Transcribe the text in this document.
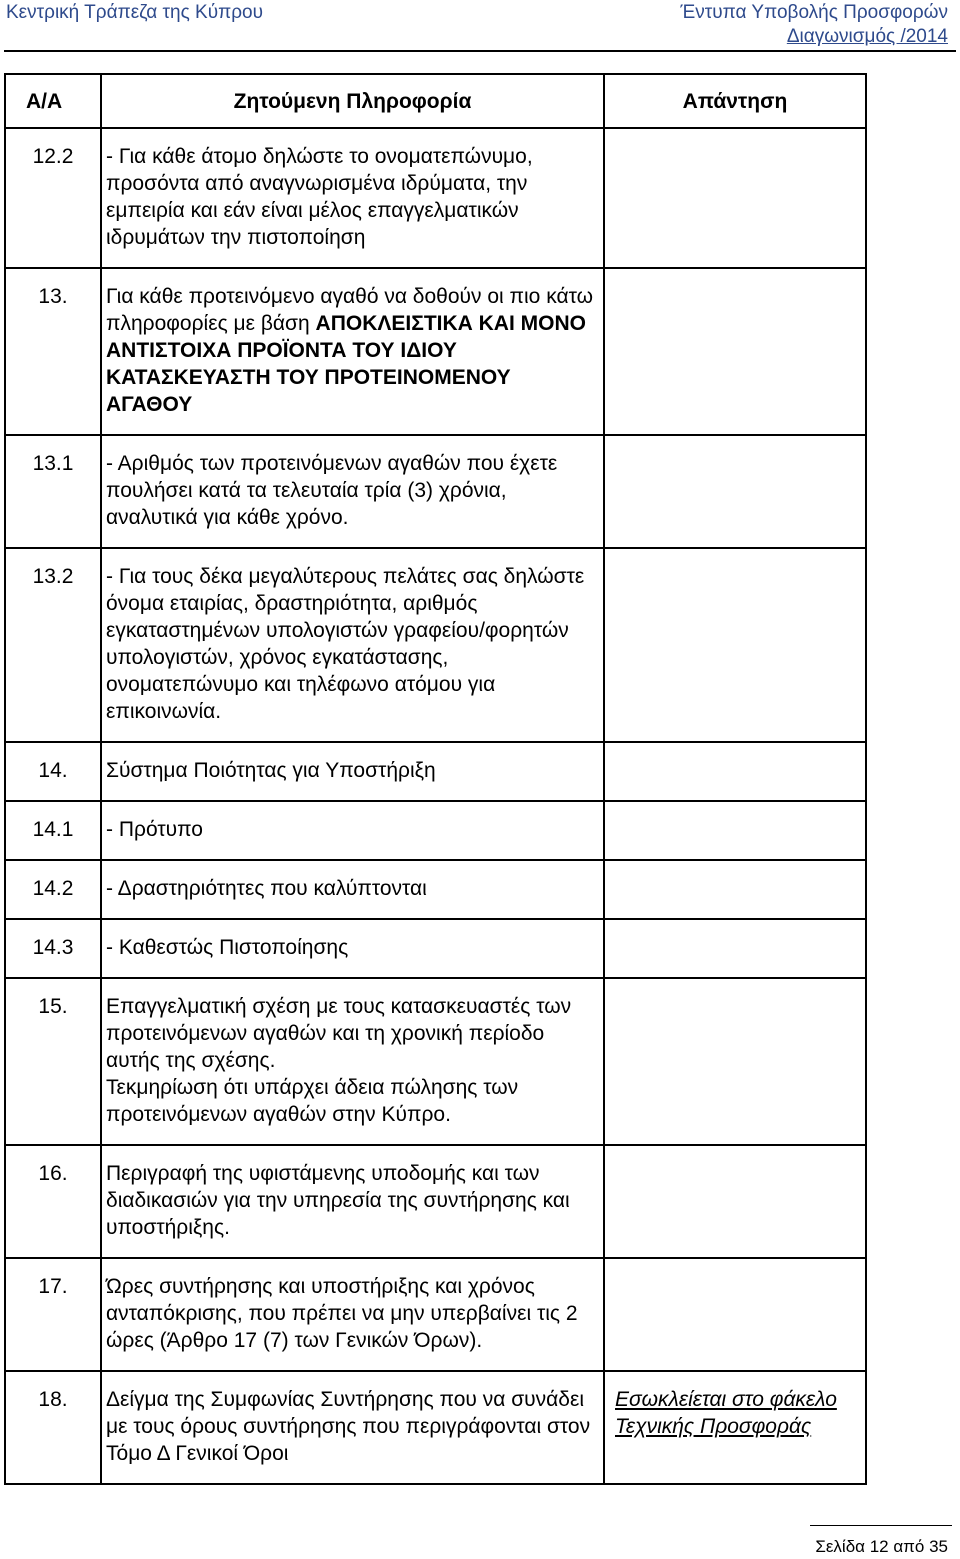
Κεντρική Τράπεζα της Κύπρου	Έντυπα Υποβολής Προσφορών
Διαγωνισμός /2014
Α/Α	Ζητούμενη Πληροφορία	Απάντηση
12.2	- Για κάθε άτομο δηλώστε το ονοματεπώνυμο, προσόντα από αναγνωρισμένα ιδρύματα, την εμπειρία και εάν είναι μέλος επαγγελματικών ιδρυμάτων την πιστοποίηση	
13.	Για κάθε προτεινόμενο αγαθό να δοθούν οι πιο κάτω πληροφορίες με βάση ΑΠΟΚΛΕΙΣΤΙΚΑ ΚΑΙ ΜΟΝΟ ΑΝΤΙΣΤΟΙΧΑ ΠΡΟΪΟΝΤΑ ΤΟΥ ΙΔΙΟΥ ΚΑΤΑΣΚΕΥΑΣΤΗ ΤΟΥ ΠΡΟΤΕΙΝΟΜΕΝΟΥ ΑΓΑΘΟΥ	
13.1	- Αριθμός των προτεινόμενων αγαθών που έχετε πουλήσει κατά τα τελευταία τρία (3) χρόνια, αναλυτικά για κάθε χρόνο.	
13.2	- Για τους δέκα μεγαλύτερους πελάτες σας δηλώστε όνομα εταιρίας, δραστηριότητα, αριθμός εγκαταστημένων υπολογιστών γραφείου/φορητών υπολογιστών, χρόνος εγκατάστασης, ονοματεπώνυμο και τηλέφωνο ατόμου για επικοινωνία.	
14.	Σύστημα Ποιότητας για Υποστήριξη	
14.1	- Πρότυπο	
14.2	- Δραστηριότητες που καλύπτονται	
14.3	- Καθεστώς Πιστοποίησης	
15.	Επαγγελματική σχέση με τους κατασκευαστές των προτεινόμενων αγαθών και τη χρονική περίοδο αυτής της σχέσης.
Τεκμηρίωση ότι υπάρχει άδεια πώλησης των προτεινόμενων αγαθών στην Κύπρο.	

16.	Περιγραφή της υφιστάμενης υποδομής και των διαδικασιών για την υπηρεσία της συντήρησης και υποστήριξης.	
17.	Ώρες συντήρησης και υποστήριξης και χρόνος ανταπόκρισης, που πρέπει να μην υπερβαίνει τις 2 ώρες (Άρθρο 17 (7) των Γενικών Όρων).	
18.	Δείγμα της Συμφωνίας Συντήρησης που να συνάδει με τους όρους συντήρησης που περιγράφονται στον Τόμο Δ Γενικοί Όροι	Εσωκλείεται στο φάκελο Τεχνικής Προσφοράς
Σελίδα 12 από 35
